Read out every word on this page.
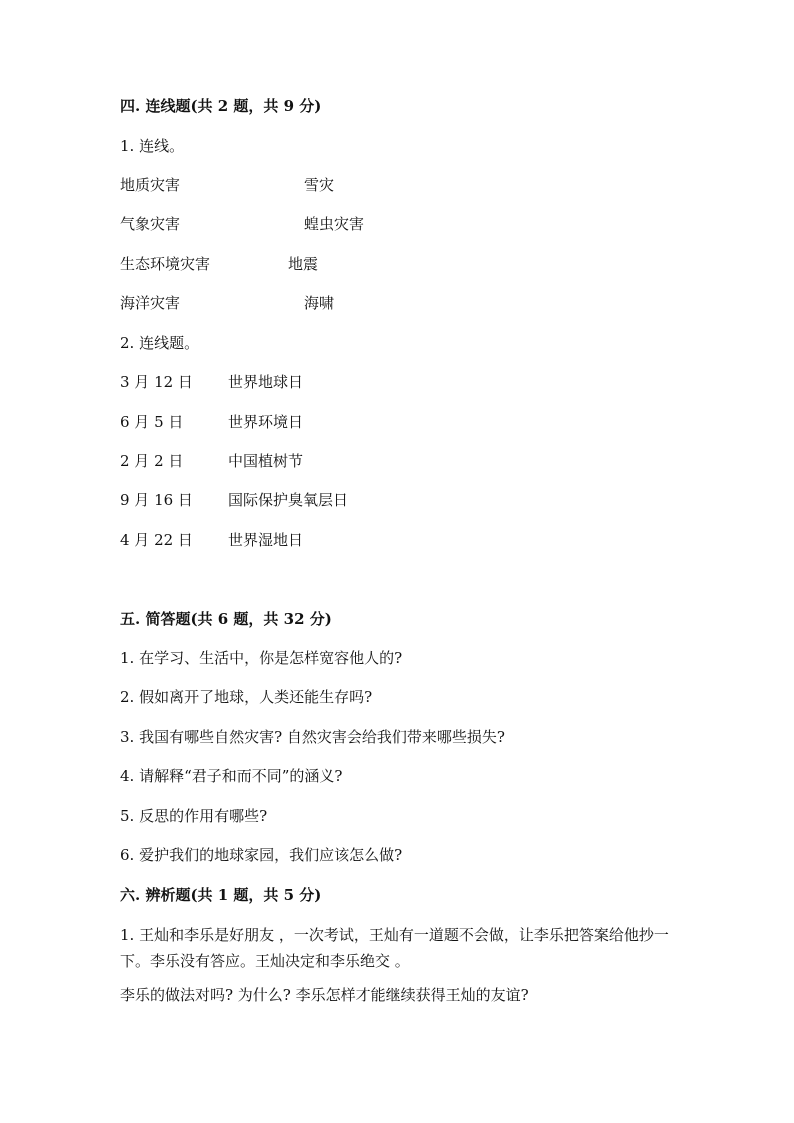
四. 连线题(共 2 题，共 9 分)
1. 连线。
地质灾害	雪灾
气象灾害	蝗虫灾害
生态环境灾害	地震
海洋灾害	海啸
2. 连线题。
3 月 12 日 世界地球日
6 月 5 日	世界环境日
2 月 2 日	中国植树节
9 月 16 日 国际保护臭氧层日
4 月 22 日 世界湿地日
五. 简答题(共 6 题，共 32 分)
1. 在学习、生活中，你是怎样宽容他人的?
2. 假如离开了地球，人类还能生存吗?
3. 我国有哪些自然灾害? 自然灾害会给我们带来哪些损失?
4. 请解释“君子和而不同”的涵义?
5. 反思的作用有哪些?
6. 爱护我们的地球家园，我们应该怎么做?
六. 辨析题(共 1 题，共 5 分)
1. 王灿和李乐是好朋友 ，一次考试，王灿有一道题不会做，让李乐把答案给他抄一下。李乐没有答应。王灿决定和李乐绝交 。
李乐的做法对吗? 为什么? 李乐怎样才能继续获得王灿的友谊?
